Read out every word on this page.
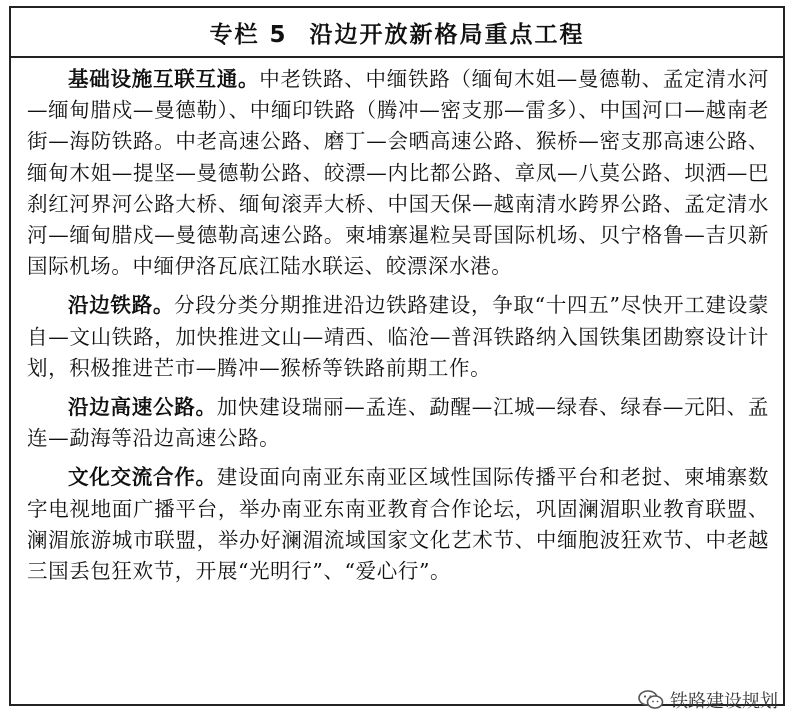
专栏 5 沿边开放新格局重点工程

基础设施互联互通。中老铁路、中缅铁路（缅甸木姐—曼德勒、孟定清水河—缅甸腊戍—曼德勒）、中缅印铁路（腾冲—密支那—雷多）、中国河口—越南老街—海防铁路。中老高速公路、磨丁—会晒高速公路、猴桥—密支那高速公路、缅甸木姐—提坚—曼德勒公路、皎漂—内比都公路、章凤—八莫公路、坝洒—巴刹红河界河公路大桥、缅甸滚弄大桥、中国天保—越南清水跨界公路、孟定清水河—缅甸腊戍—曼德勒高速公路。柬埔寨暹粒吴哥国际机场、贝宁格鲁—吉贝新国际机场。中缅伊洛瓦底江陆水联运、皎漂深水港。

沿边铁路。分段分类分期推进沿边铁路建设，争取“十四五”尽快开工建设蒙自—文山铁路，加快推进文山—靖西、临沧—普洱铁路纳入国铁集团勘察设计计划，积极推进芒市—腾冲—猴桥等铁路前期工作。

沿边高速公路。加快建设瑞丽—孟连、勐醒—江城—绿春、绿春—元阳、孟连—勐海等沿边高速公路。

文化交流合作。建设面向南亚东南亚区域性国际传播平台和老挝、柬埔寨数字电视地面广播平台，举办南亚东南亚教育合作论坛，巩固澜湄职业教育联盟、澜湄旅游城市联盟，举办好澜湄流域国家文化艺术节、中缅胞波狂欢节、中老越三国丢包狂欢节，开展“光明行”、“爱心行”。

铁路建设规划
